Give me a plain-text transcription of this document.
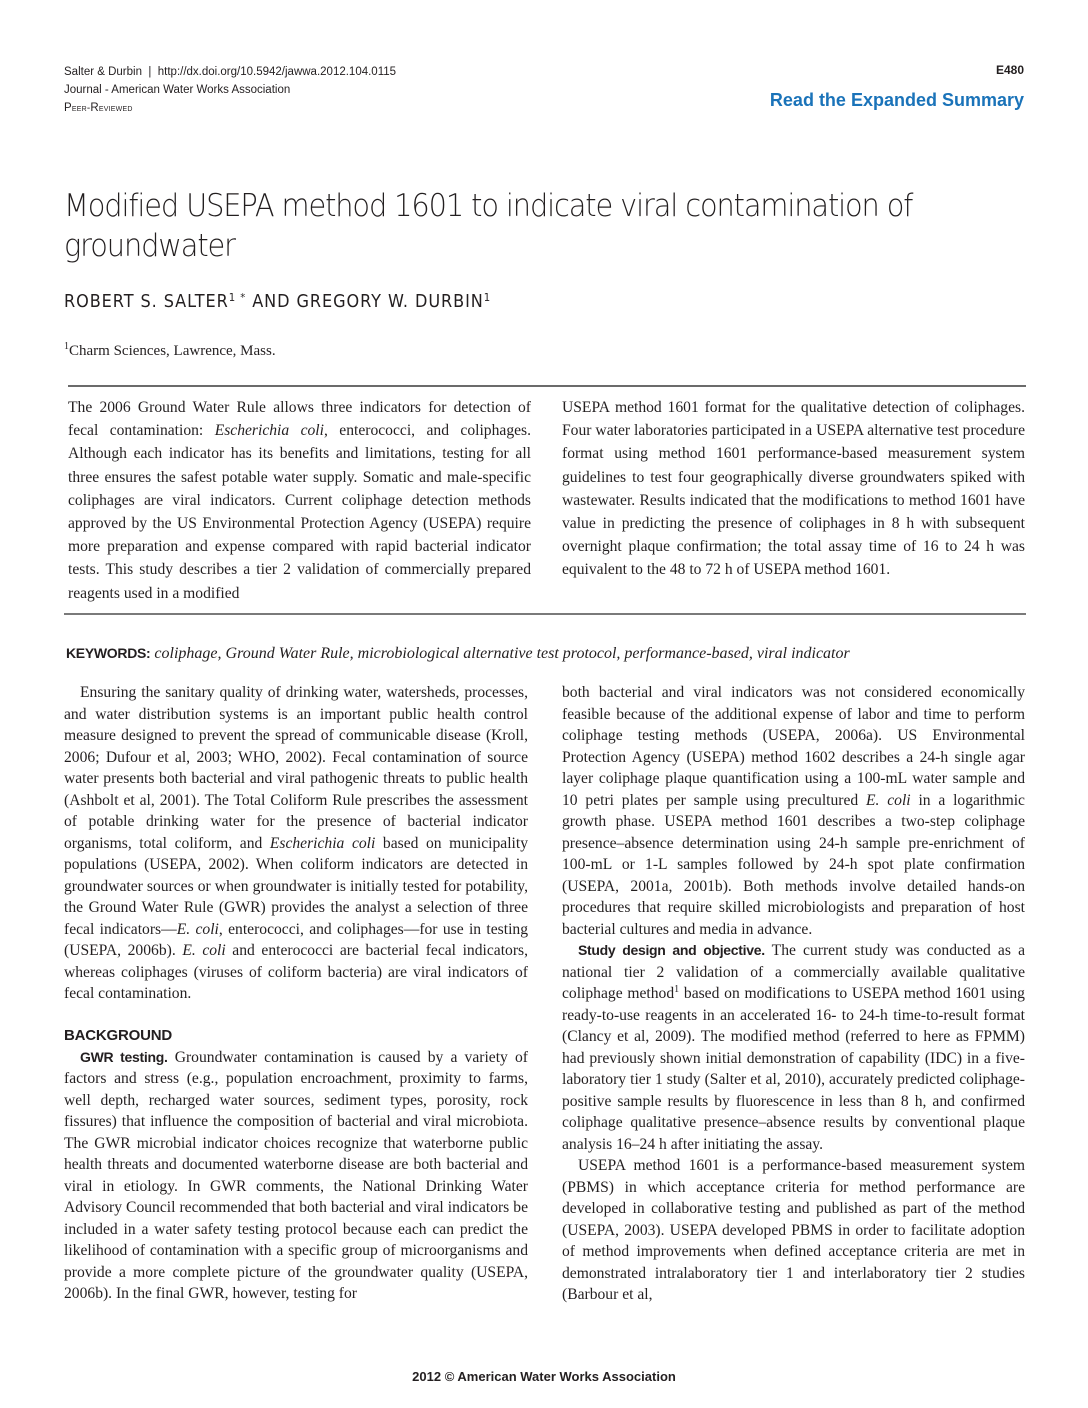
Salter & Durbin | http://dx.doi.org/10.5942/jawwa.2012.104.0115
Journal - American Water Works Association
Peer-Reviewed
E480
Read the Expanded Summary
Modified USEPA method 1601 to indicate viral contamination of groundwater
ROBERT S. SALTER$^1$ * AND GREGORY W. DURBIN$^1$
$^1$Charm Sciences, Lawrence, Mass.
The 2006 Ground Water Rule allows three indicators for detection of fecal contamination: Escherichia coli, enterococci, and coliphages. Although each indicator has its benefits and limitations, testing for all three ensures the safest potable water supply. Somatic and male-specific coliphages are viral indicators. Current coliphage detection methods approved by the US Environmental Protection Agency (USEPA) require more preparation and expense compared with rapid bacterial indicator tests. This study describes a tier 2 validation of commercially prepared reagents used in a modified
USEPA method 1601 format for the qualitative detection of coliphages. Four water laboratories participated in a USEPA alternative test procedure format using method 1601 performance-based measurement system guidelines to test four geographically diverse groundwaters spiked with wastewater. Results indicated that the modifications to method 1601 have value in predicting the presence of coliphages in 8 h with subsequent overnight plaque confirmation; the total assay time of 16 to 24 h was equivalent to the 48 to 72 h of USEPA method 1601.
KEYWORDS: coliphage, Ground Water Rule, microbiological alternative test protocol, performance-based, viral indicator

Ensuring the sanitary quality of drinking water, watersheds, processes, and water distribution systems is an important public health control measure designed to prevent the spread of communicable disease (Kroll, 2006; Dufour et al, 2003; WHO, 2002). Fecal contamination of source water presents both bacterial and viral pathogenic threats to public health (Ashbolt et al, 2001). The Total Coliform Rule prescribes the assessment of potable drinking water for the presence of bacterial indicator organisms, total coliform, and Escherichia coli based on municipality populations (USEPA, 2002). When coliform indicators are detected in groundwater sources or when groundwater is initially tested for potability, the Ground Water Rule (GWR) provides the analyst a selection of three fecal indicators—E. coli, enterococci, and coliphages—for use in testing (USEPA, 2006b). E. coli and enterococci are bacterial fecal indicators, whereas coliphages (viruses of coliform bacteria) are viral indicators of fecal contamination.

BACKGROUND

GWR testing. Groundwater contamination is caused by a variety of factors and stress (e.g., population encroachment, proximity to farms, well depth, recharged water sources, sediment types, porosity, rock fissures) that influence the composition of bacterial and viral microbiota. The GWR microbial indicator choices recognize that waterborne public health threats and documented waterborne disease are both bacterial and viral in etiology. In GWR comments, the National Drinking Water Advisory Council recommended that both bacterial and viral indicators be included in a water safety testing protocol because each can predict the likelihood of contamination with a specific group of microorganisms and provide a more complete picture of the groundwater quality (USEPA, 2006b). In the final GWR, however, testing for

both bacterial and viral indicators was not considered economically feasible because of the additional expense of labor and time to perform coliphage testing methods (USEPA, 2006a). US Environmental Protection Agency (USEPA) method 1602 describes a 24-h single agar layer coliphage plaque quantification using a 100-mL water sample and 10 petri plates per sample using precultured E. coli in a logarithmic growth phase. USEPA method 1601 describes a two-step coliphage presence–absence determination using 24-h sample pre-enrichment of 100-mL or 1-L samples followed by 24-h spot plate confirmation (USEPA, 2001a, 2001b). Both methods involve detailed hands-on procedures that require skilled microbiologists and preparation of host bacterial cultures and media in advance.

Study design and objective. The current study was conducted as a national tier 2 validation of a commercially available qualitative coliphage method$^1$ based on modifications to USEPA method 1601 using ready-to-use reagents in an accelerated 16- to 24-h time-to-result format (Clancy et al, 2009). The modified method (referred to here as FPMM) had previously shown initial demonstration of capability (IDC) in a five-laboratory tier 1 study (Salter et al, 2010), accurately predicted coliphage-positive sample results by fluorescence in less than 8 h, and confirmed coliphage qualitative presence–absence results by conventional plaque analysis 16–24 h after initiating the assay.

USEPA method 1601 is a performance-based measurement system (PBMS) in which acceptance criteria for method performance are developed in collaborative testing and published as part of the method (USEPA, 2003). USEPA developed PBMS in order to facilitate adoption of method improvements when defined acceptance criteria are met in demonstrated intralaboratory tier 1 and interlaboratory tier 2 studies (Barbour et al,

2012 © American Water Works Association
